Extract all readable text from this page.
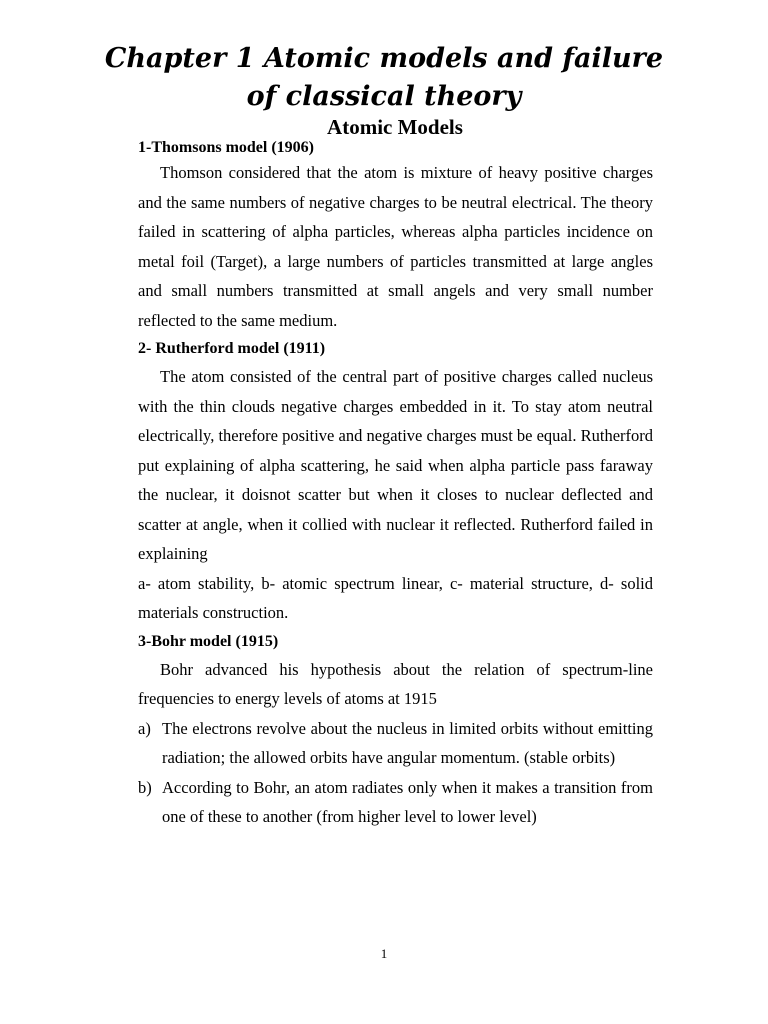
Chapter 1 Atomic models and failure of classical theory
Atomic Models
1-Thomsons model (1906)

Thomson considered that the atom is mixture of heavy positive charges and the same numbers of negative charges to be neutral electrical. The theory failed in scattering of alpha particles, whereas alpha particles incidence on metal foil (Target), a large numbers of particles transmitted at large angles and small numbers transmitted at small angels and very small number reflected to the same medium.

2- Rutherford model (1911)

The atom consisted of the central part of positive charges called nucleus with the thin clouds negative charges embedded in it. To stay atom neutral electrically, therefore positive and negative charges must be equal. Rutherford put explaining of alpha scattering, he said when alpha particle pass faraway the nuclear, it doisnot scatter but when it closes to nuclear deflected and scatter at angle, when it collied with nuclear it reflected. Rutherford failed in explaining

a- atom stability, b- atomic spectrum linear, c- material structure, d- solid materials construction.

3-Bohr model (1915)

Bohr advanced his hypothesis about the relation of spectrum-line frequencies to energy levels of atoms at 1915

a) The electrons revolve about the nucleus in limited orbits without emitting radiation; the allowed orbits have angular momentum. (stable orbits)
b) According to Bohr, an atom radiates only when it makes a transition from one of these to another (from higher level to lower level)
1
